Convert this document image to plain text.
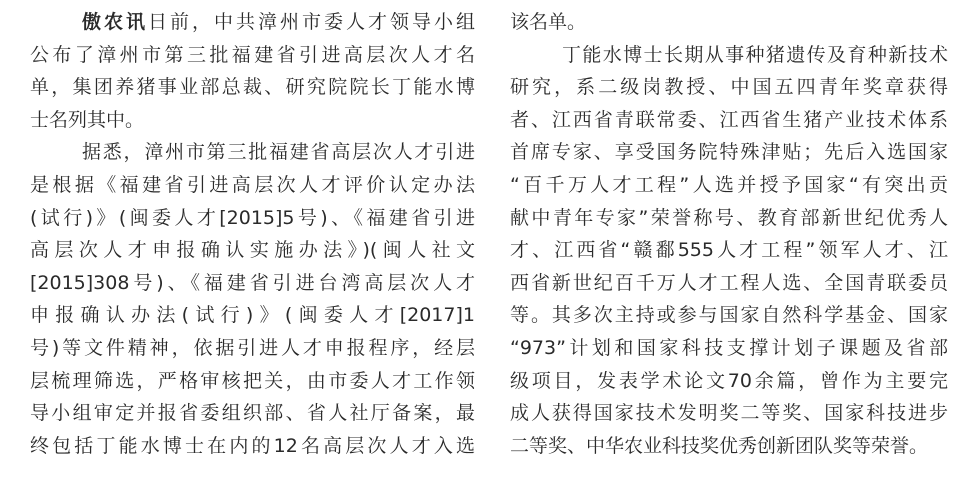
傲农讯日前，中共漳州市委人才领导小组
公布了漳州市第三批福建省引进高层次人才名
单，集团养猪事业部总裁、研究院院长丁能水博
士名列其中。
据悉，漳州市第三批福建省高层次人才引进
是根据《福建省引进高层次人才评价认定办法
(试行)》(闽委人才[2015]5号)、《福建省引进
高层次人才申报确认实施办法》)(闽人社文
[2015]308号)、《福建省引进台湾高层次人才
申报确认办法(试行)》(闽委人才[2017]1
号)等文件精神，依据引进人才申报程序，经层
层梳理筛选，严格审核把关，由市委人才工作领
导小组审定并报省委组织部、省人社厅备案，最
终包括丁能水博士在内的12名高层次人才入选
该名单。
丁能水博士长期从事种猪遗传及育种新技术
研究，系二级岗教授、中国五四青年奖章获得
者、江西省青联常委、江西省生猪产业技术体系
首席专家、享受国务院特殊津贴；先后入选国家
“百千万人才工程”人选并授予国家“有突出贡
献中青年专家”荣誉称号、教育部新世纪优秀人
才、江西省“赣鄱555人才工程”领军人才、江
西省新世纪百千万人才工程人选、全国青联委员
等。其多次主持或参与国家自然科学基金、国家
“973”计划和国家科技支撑计划子课题及省部
级项目，发表学术论文70余篇，曾作为主要完
成人获得国家技术发明奖二等奖、国家科技进步
二等奖、中华农业科技奖优秀创新团队奖等荣誉。
